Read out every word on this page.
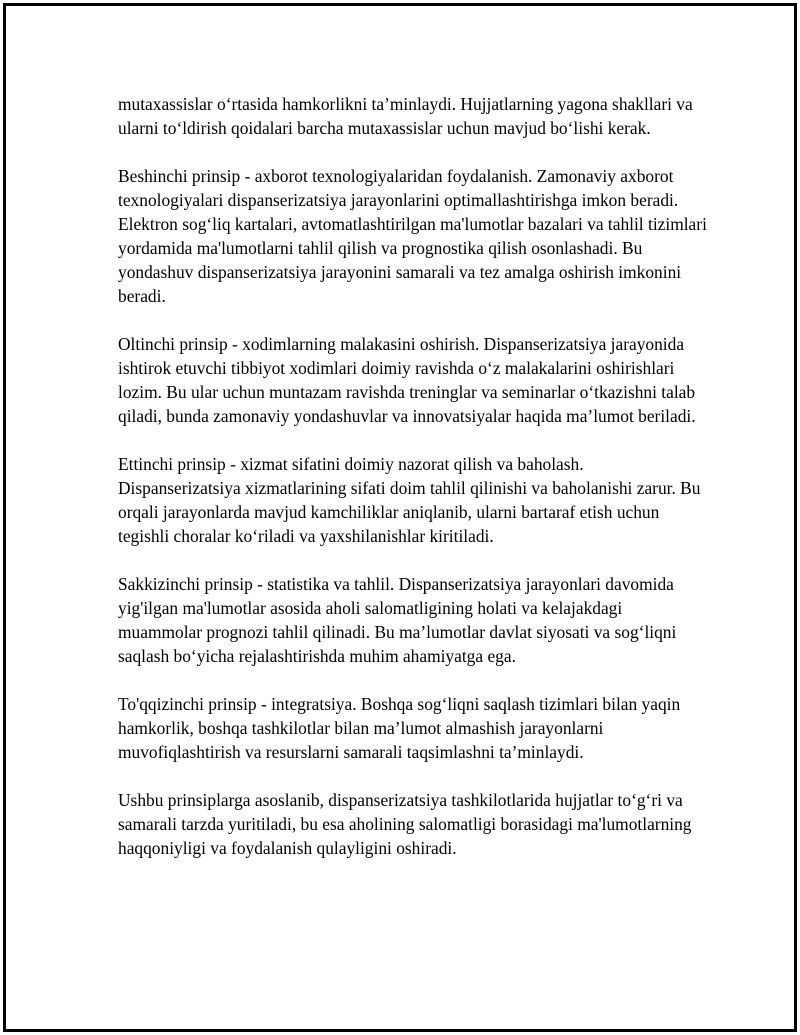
mutaxassislar o‘rtasida hamkorlikni ta’minlaydi. Hujjatlarning yagona shakllari va ularni to‘ldirish qoidalari barcha mutaxassislar uchun mavjud bo‘lishi kerak.

Beshinchi prinsip - axborot texnologiyalaridan foydalanish. Zamonaviy axborot texnologiyalari dispanserizatsiya jarayonlarini optimallashtirishga imkon beradi. Elektron sog‘liq kartalari, avtomatlashtirilgan ma'lumotlar bazalari va tahlil tizimlari yordamida ma'lumotlarni tahlil qilish va prognostika qilish osonlashadi. Bu yondashuv dispanserizatsiya jarayonini samarali va tez amalga oshirish imkonini beradi.

Oltinchi prinsip - xodimlarning malakasini oshirish. Dispanserizatsiya jarayonida ishtirok etuvchi tibbiyot xodimlari doimiy ravishda o‘z malakalarini oshirishlari lozim. Bu ular uchun muntazam ravishda treninglar va seminarlar o‘tkazishni talab qiladi, bunda zamonaviy yondashuvlar va innovatsiyalar haqida ma’lumot beriladi.

Ettinchi prinsip - xizmat sifatini doimiy nazorat qilish va baholash. Dispanserizatsiya xizmatlarining sifati doim tahlil qilinishi va baholanishi zarur. Bu orqali jarayonlarda mavjud kamchiliklar aniqlanib, ularni bartaraf etish uchun tegishli choralar ko‘riladi va yaxshilanishlar kiritiladi.

Sakkizinchi prinsip - statistika va tahlil. Dispanserizatsiya jarayonlari davomida yig'ilgan ma'lumotlar asosida aholi salomatligining holati va kelajakdagi muammolar prognozi tahlil qilinadi. Bu ma’lumotlar davlat siyosati va sog‘liqni saqlash bo‘yicha rejalashtirishda muhim ahamiyatga ega.

To'qqizinchi prinsip - integratsiya. Boshqa sog‘liqni saqlash tizimlari bilan yaqin hamkorlik, boshqa tashkilotlar bilan ma’lumot almashish jarayonlarni muvofiqlashtirish va resurslarni samarali taqsimlashni ta’minlaydi.

Ushbu prinsiplarga asoslanib, dispanserizatsiya tashkilotlarida hujjatlar to‘g‘ri va samarali tarzda yuritiladi, bu esa aholining salomatligi borasidagi ma'lumotlarning haqqoniyligi va foydalanish qulayligini oshiradi.
